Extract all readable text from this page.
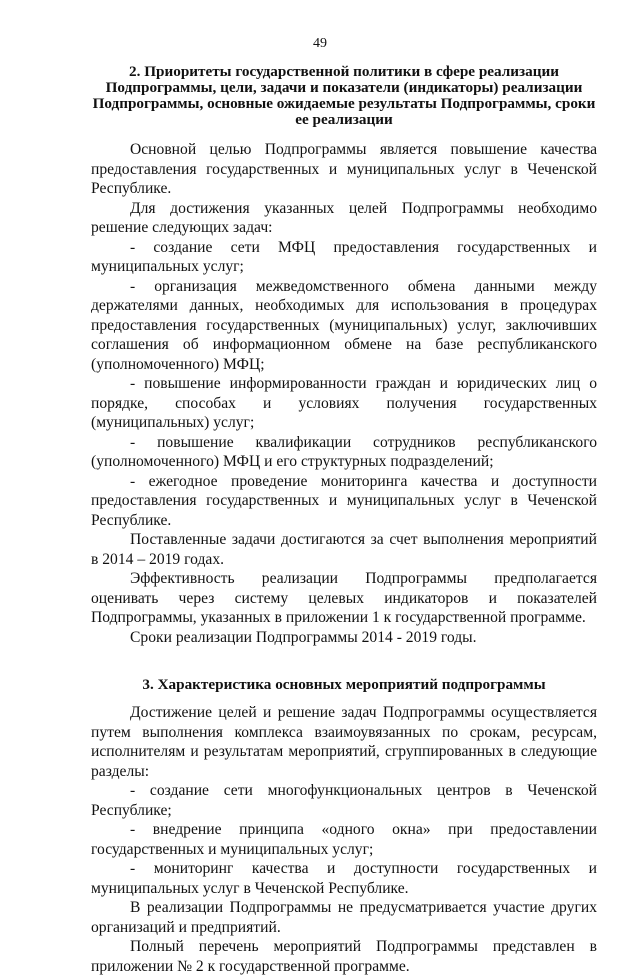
49
2. Приоритеты государственной политики в сфере реализации Подпрограммы, цели, задачи и показатели (индикаторы) реализации Подпрограммы, основные ожидаемые результаты Подпрограммы, сроки ее реализации

Основной целью Подпрограммы является повышение качества предоставления государственных и муниципальных услуг в Чеченской Республике.

Для достижения указанных целей Подпрограммы необходимо решение следующих задач:

- создание сети МФЦ предоставления государственных и муниципальных услуг;

- организация межведомственного обмена данными между держателями данных, необходимых для использования в процедурах предоставления государственных (муниципальных) услуг, заключивших соглашения об информационном обмене на базе республиканского (уполномоченного) МФЦ;

- повышение информированности граждан и юридических лиц о порядке, способах и условиях получения государственных (муниципальных) услуг;

- повышение квалификации сотрудников республиканского (уполномоченного) МФЦ и его структурных подразделений;

- ежегодное проведение мониторинга качества и доступности предоставления государственных и муниципальных услуг в Чеченской Республике.

Поставленные задачи достигаются за счет выполнения мероприятий в 2014 – 2019 годах.

Эффективность реализации Подпрограммы предполагается оценивать через систему целевых индикаторов и показателей Подпрограммы, указанных в приложении 1 к государственной программе.

Сроки реализации Подпрограммы 2014 - 2019 годы.

3. Характеристика основных мероприятий подпрограммы

Достижение целей и решение задач Подпрограммы осуществляется путем выполнения комплекса взаимоувязанных по срокам, ресурсам, исполнителям и результатам мероприятий, сгруппированных в следующие разделы:

- создание сети многофункциональных центров в Чеченской Республике;

- внедрение принципа «одного окна» при предоставлении государственных и муниципальных услуг;

- мониторинг качества и доступности государственных и муниципальных услуг в Чеченской Республике.

В реализации Подпрограммы не предусматривается участие других организаций и предприятий.

Полный перечень мероприятий Подпрограммы представлен в приложении № 2 к государственной программе.
